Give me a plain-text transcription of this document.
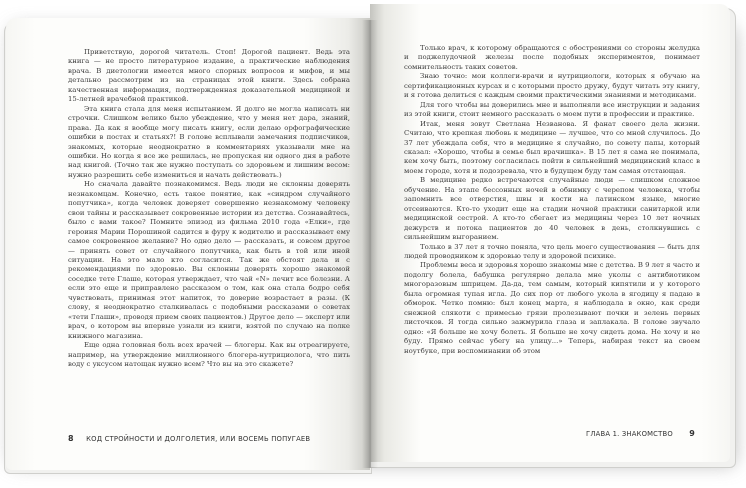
Приветствую, дорогой читатель. Стоп! Дорогой пациент. Ведь эта книга — не просто литературное издание, а практические наблюдения врача. В диетологии имеется много спорных вопросов и мифов, и мы детально рассмотрим из на страницах этой книги. Здесь собрана качественная информация, подтвержденная доказательной медициной и 15-летней врачебной практикой.

Эта книга стала для меня испытанием. Я долго не могла написать ни строчки. Слишком велико было убеждение, что у меня нет дара, знаний, права. Да как я вообще могу писать книгу, если делаю орфографические ошибки в постах и статьях?! В голове всплывали замечания подписчиков, знакомых, которые неоднократно в комментариях указывали мне на ошибки. Но когда я все же решилась, не пропуская ни одного дня в работе над книгой. (Точно так же нужно поступать со здоровьем и лишним весом: нужно разрешить себе измениться и начать действовать.)

Но сначала давайте познакомимся. Ведь люди не склонны доверять незнакомцам. Конечно, есть такое понятие, как «синдром случайного попутчика», когда человек доверяет совершенно незнакомому человеку свои тайны и рассказывает сокровенные истории из детства. Сознавайтесь, было с вами такое? Помните эпизод из фильма 2010 года «Елки», где героиня Марии Порошиной садится в фуру к водителю и рассказывает ему самое сокровенное желание? Но одно дело — рассказать, и совсем другое — принять совет от случайного попутчика, как быть в той или иной ситуации. На это мало кто согласится. Так же обстоят дела и с рекомендациями по здоровью. Вы склонны доверять хорошо знакомой соседке тете Глаше, которая утверждает, что чай «N» лечит все болезни. А если это еще и приправлено рассказом о том, как она стала бодро себя чувствовать, принимая этот напиток, то доверие возрастает в разы. (К слову, я неоднократно сталкивалась с подобными рассказами о советах «тети Глаши», проводя прием своих пациентов.) Другое дело — эксперт или врач, о котором вы впервые узнали из книги, взятой по случаю на полке книжного магазина.

Еще одна головная боль всех врачей — блогеры. Как вы отреагируете, например, на утверждение миллионного блогера-нутрициолога, что пить воду с уксусом натощак нужно всем? Что вы на это скажете?

8 КОД СТРОЙНОСТИ И ДОЛГОЛЕТИЯ, ИЛИ ВОСЕМЬ ПОПУГАЕВ

Только врач, к которому обращаются с обострениями со стороны желудка и поджелудочной железы после подобных экспериментов, понимает сомнительность таких советов.

Знаю точно: мои коллеги-врачи и нутрициологи, которых я обучаю на сертификационных курсах и с которыми просто дружу, будут читать эту книгу, и я готова делиться с каждым своими практическими знаниями и методиками.

Для того чтобы вы доверились мне и выполняли все инструкции и задания из этой книги, стоит немного рассказать о моем пути в профессии и практике.

Итак, меня зовут Светлана Незванова. Я фанат своего дела жизни. Считаю, что крепкая любовь к медицине — лучшее, что со мной случилось. До 37 лет убеждала себя, что в медицине я случайно, по совету папы, который сказал: «Хорошо, чтобы в семье был врачишка». В 15 лет я сама не понимала, кем хочу быть, поэтому согласилась пойти в сильнейший медицинский класс в моем городе, хотя и подозревала, что в будущем буду там самая отстающая.

В медицине редко встречаются случайные люди — слишком сложное обучение. На этапе бессонных ночей в обнимку с черепом человека, чтобы запомнить все отверстия, швы и кости на латинском языке, многие отсеиваются. Кто-то уходит еще на стадии ночной практики санитаркой или медицинской сестрой. А кто-то сбегает из медицины через 10 лет ночных дежурств и потока пациентов до 40 человек в день, столкнувшись с сильнейшим выгоранием.

Только в 37 лет я точно поняла, что цель моего существования — быть для людей проводником к здоровью телу и здоровой психике.

Проблемы веса и здоровья хорошо знакомы мне с детства. В 9 лет я часто и подолгу болела, бабушка регулярно делала мне уколы с антибиотиком многоразовым шприцем. Да-да, тем самым, который кипятили и у которого была огромная тупая игла. До сих пор от любого укола в ягодицу я падаю в обморок. Четко помню: был конец марта, я наблюдала в окно, как среди снежной слякоти с примесью грязи пролезывают почки и зелень первых листочков. Я тогда сильно зажмурила глаза и заплакала. В голове звучало одно: «Я больше не хочу болеть. Я больше не хочу сидеть дома. Не хочу и не буду. Прямо сейчас убегу на улицу...» Теперь, набирая текст на своем ноутбуке, при воспоминании об этом

ГЛАВА 1. ЗНАКОМСТВО 9
